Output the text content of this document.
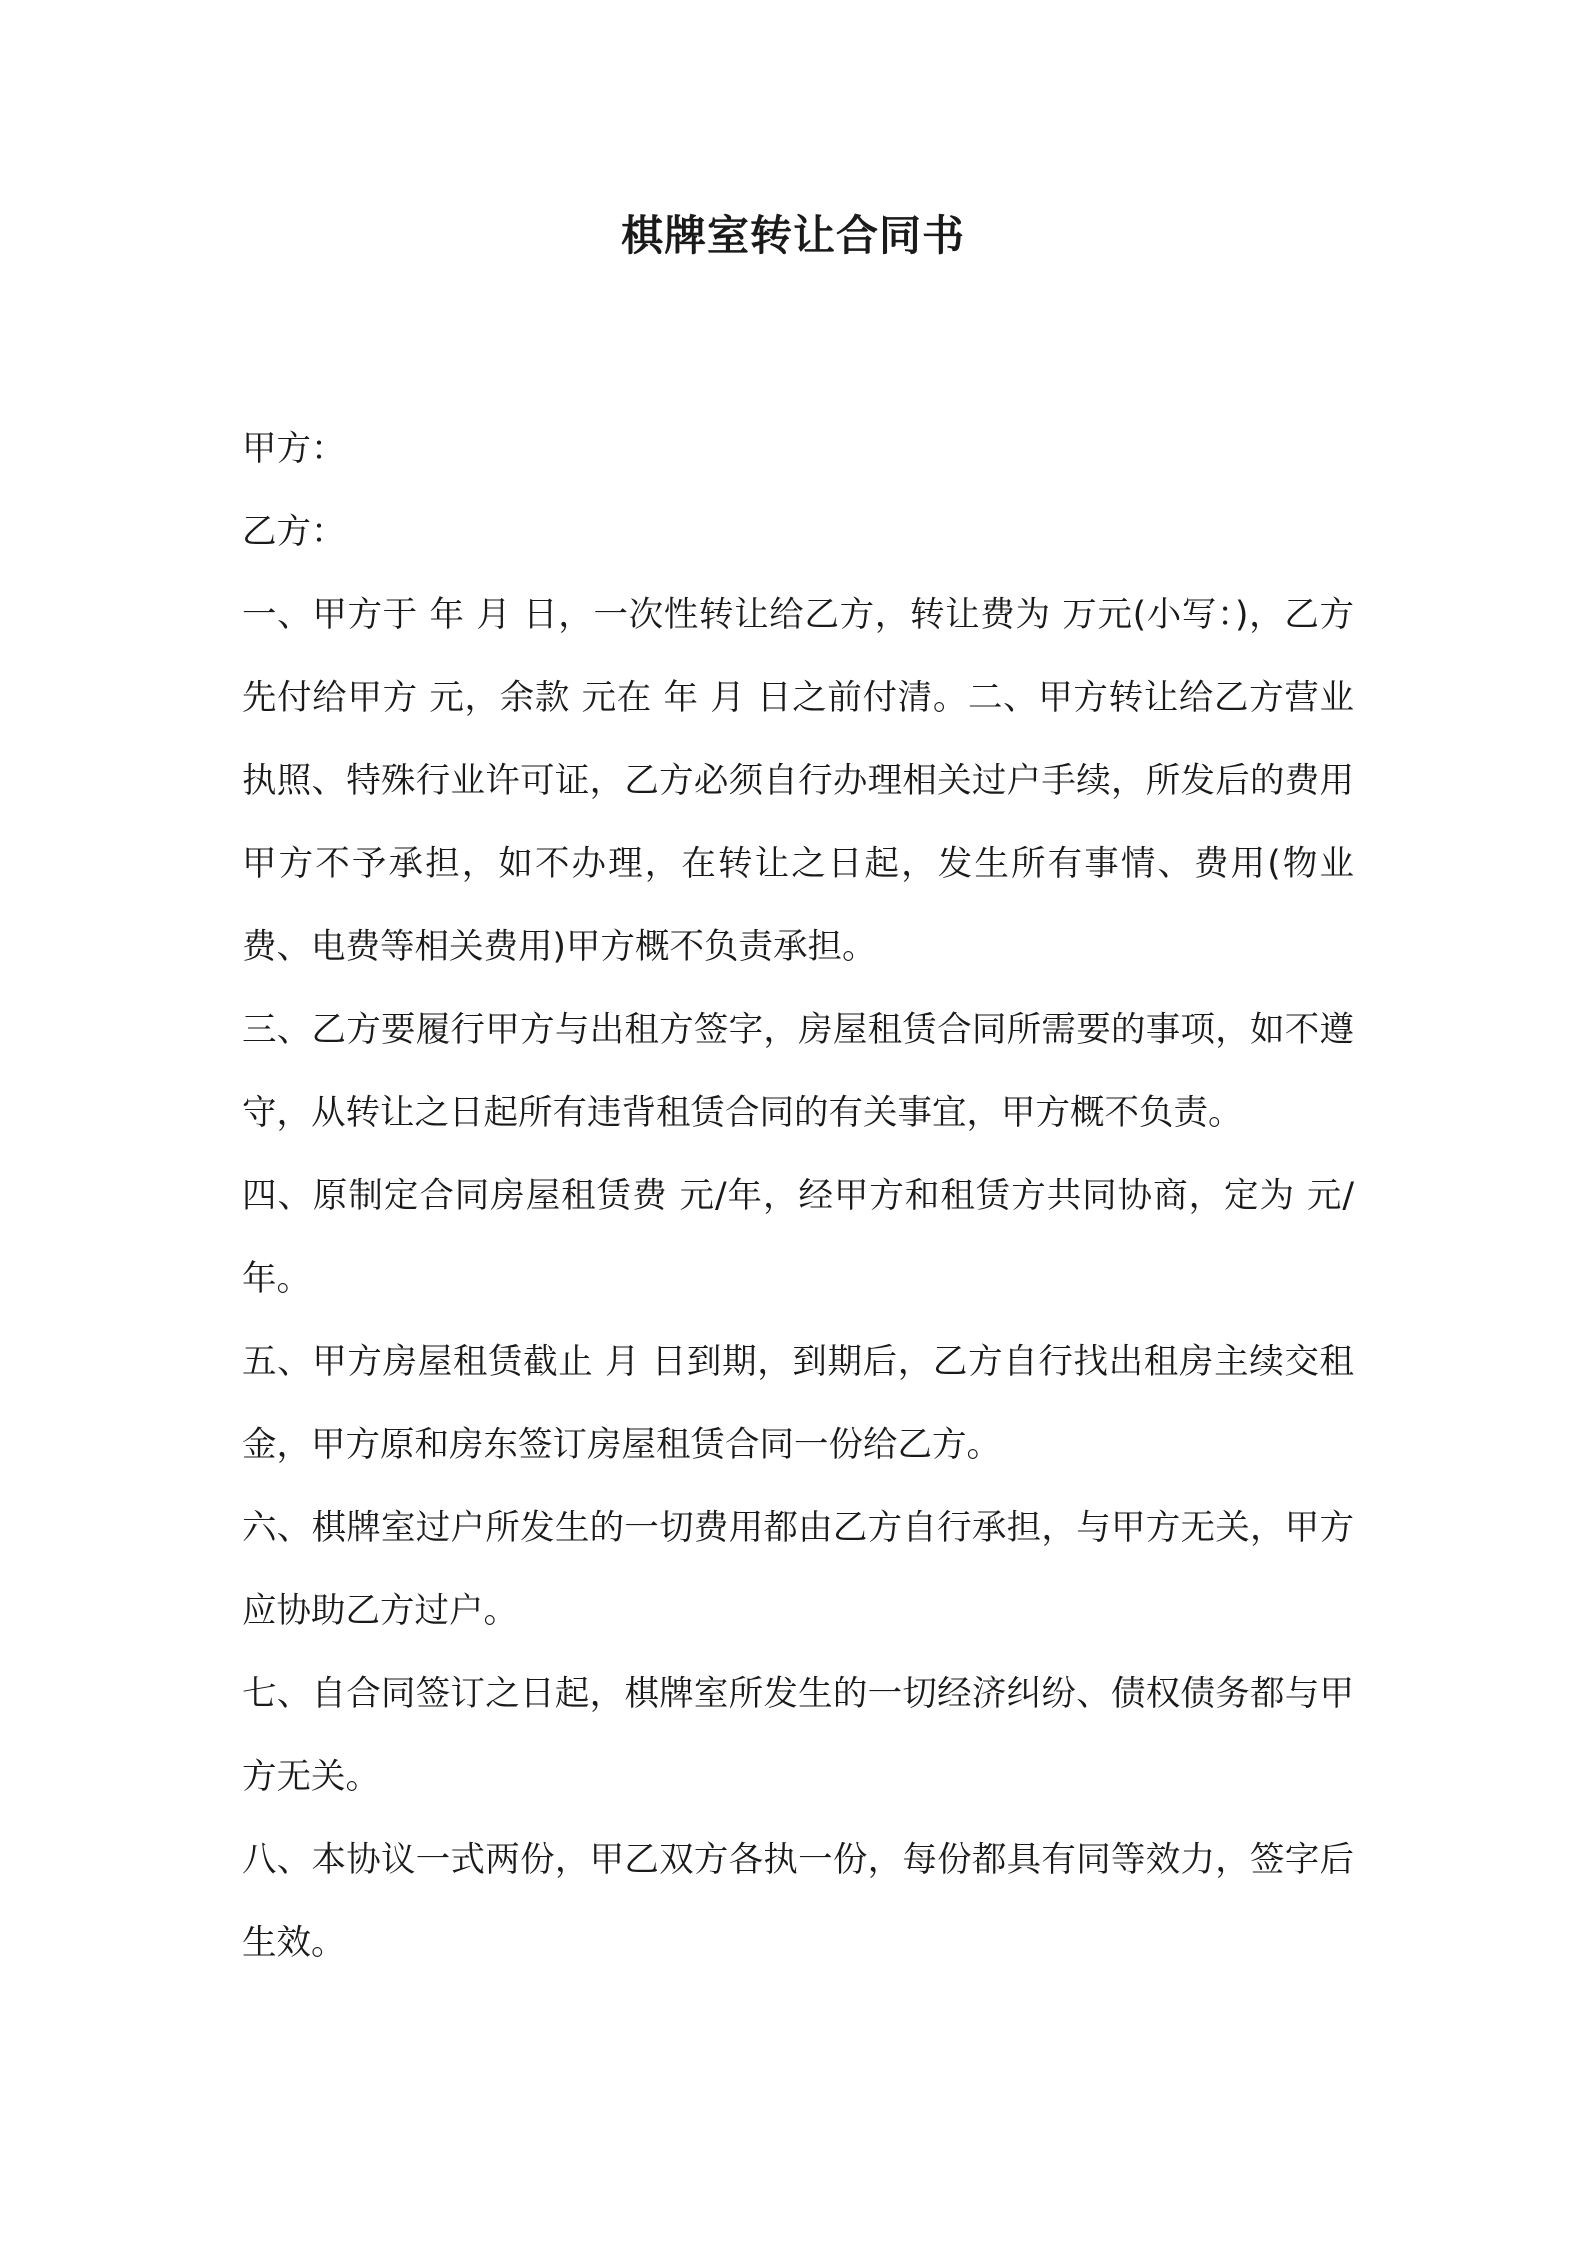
棋牌室转让合同书

甲方：

乙方：

一、甲方于 年 月 日，一次性转让给乙方，转让费为 万元(小写：)，乙方先付给甲方 元，余款 元在 年 月 日之前付清。二、甲方转让给乙方营业执照、特殊行业许可证，乙方必须自行办理相关过户手续，所发后的费用甲方不予承担，如不办理，在转让之日起，发生所有事情、费用(物业费、电费等相关费用)甲方概不负责承担。

三、乙方要履行甲方与出租方签字，房屋租赁合同所需要的事项，如不遵守，从转让之日起所有违背租赁合同的有关事宜，甲方概不负责。

四、原制定合同房屋租赁费 元/年，经甲方和租赁方共同协商，定为 元/年。

五、甲方房屋租赁截止 月 日到期，到期后，乙方自行找出租房主续交租金，甲方原和房东签订房屋租赁合同一份给乙方。

六、棋牌室过户所发生的一切费用都由乙方自行承担，与甲方无关，甲方应协助乙方过户。

七、自合同签订之日起，棋牌室所发生的一切经济纠纷、债权债务都与甲方无关。

八、本协议一式两份，甲乙双方各执一份，每份都具有同等效力，签字后生效。
